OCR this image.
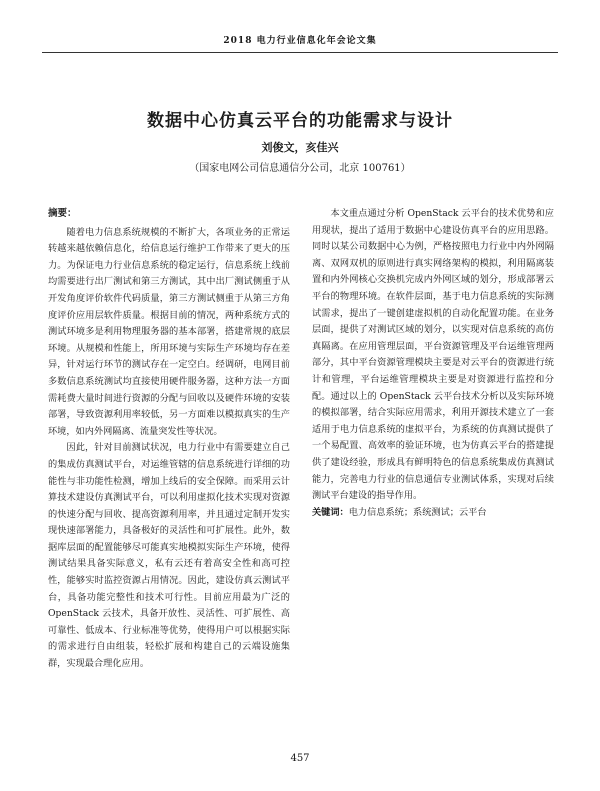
2018 电力行业信息化年会论文集
数据中心仿真云平台的功能需求与设计
刘俊文，亥佳兴
（国家电网公司信息通信分公司，北京 100761）
摘要：

随着电力信息系统规模的不断扩大，各项业务的正常运转越来越依赖信息化，给信息运行维护工作带来了更大的压力。为保证电力行业信息系统的稳定运行，信息系统上线前均需要进行出厂测试和第三方测试，其中出厂测试侧重于从开发角度评价软件代码质量，第三方测试侧重于从第三方角度评价应用层软件质量。根据目前的情况，两种系统方式的测试环境多是利用物理服务器的基本部署，搭建常规的底层环境。从规模和性能上，所用环境与实际生产环境均存在差异，针对运行环节的测试存在一定空白。经调研，电网目前多数信息系统测试均直接使用硬件服务器，这种方法一方面需耗费大量时间进行资源的分配与回收以及硬件环境的安装部署，导致资源利用率较低，另一方面难以模拟真实的生产环境，如内外网隔离、流量突发性等状况。

因此，针对目前测试状况，电力行业中有需要建立自己的集成仿真测试平台，对运维管辖的信息系统进行详细的功能性与非功能性检测，增加上线后的安全保障。而采用云计算技术建设仿真测试平台，可以利用虚拟化技术实现对资源的快速分配与回收、提高资源利用率，并且通过定制开发实现快速部署能力，具备极好的灵活性和可扩展性。此外，数据库层面的配置能够尽可能真实地模拟实际生产环境，使得测试结果具备实际意义，私有云还有着高安全性和高可控性，能够实时监控资源占用情况。因此，建设仿真云测试平台，具备功能完整性和技术可行性。目前应用最为广泛的 OpenStack 云技术，具备开放性、灵活性、可扩展性、高可靠性、低成本、行业标准等优势，使得用户可以根据实际的需求进行自由组装，轻松扩展和构建自己的云端设施集群，实现最合理化应用。

本文重点通过分析 OpenStack 云平台的技术优势和应用现状，提出了适用于数据中心建设仿真平台的应用思路。同时以某公司数据中心为例，严格按照电力行业中内外网隔离、双网双机的原则进行真实网络架构的模拟，利用隔离装置和内外网核心交换机完成内外网区域的划分，形成部署云平台的物理环境。在软件层面，基于电力信息系统的实际测试需求，提出了一键创建虚拟机的自动化配置功能。在业务层面，提供了对测试区域的划分，以实现对信息系统的高仿真隔离。在应用管理层面，平台资源管理及平台运维管理两部分，其中平台资源管理模块主要是对云平台的资源进行统计和管理，平台运维管理模块主要是对资源进行监控和分配。通过以上的 OpenStack 云平台技术分析以及实际环境的模拟部署，结合实际应用需求，利用开源技术建立了一套适用于电力信息系统的虚拟平台，为系统的仿真测试提供了一个易配置、高效率的验证环境，也为仿真云平台的搭建提供了建设经验，形成具有鲜明特色的信息系统集成仿真测试能力，完善电力行业的信息通信专业测试体系，实现对后续测试平台建设的指导作用。

关键词：电力信息系统；系统测试；云平台

457
